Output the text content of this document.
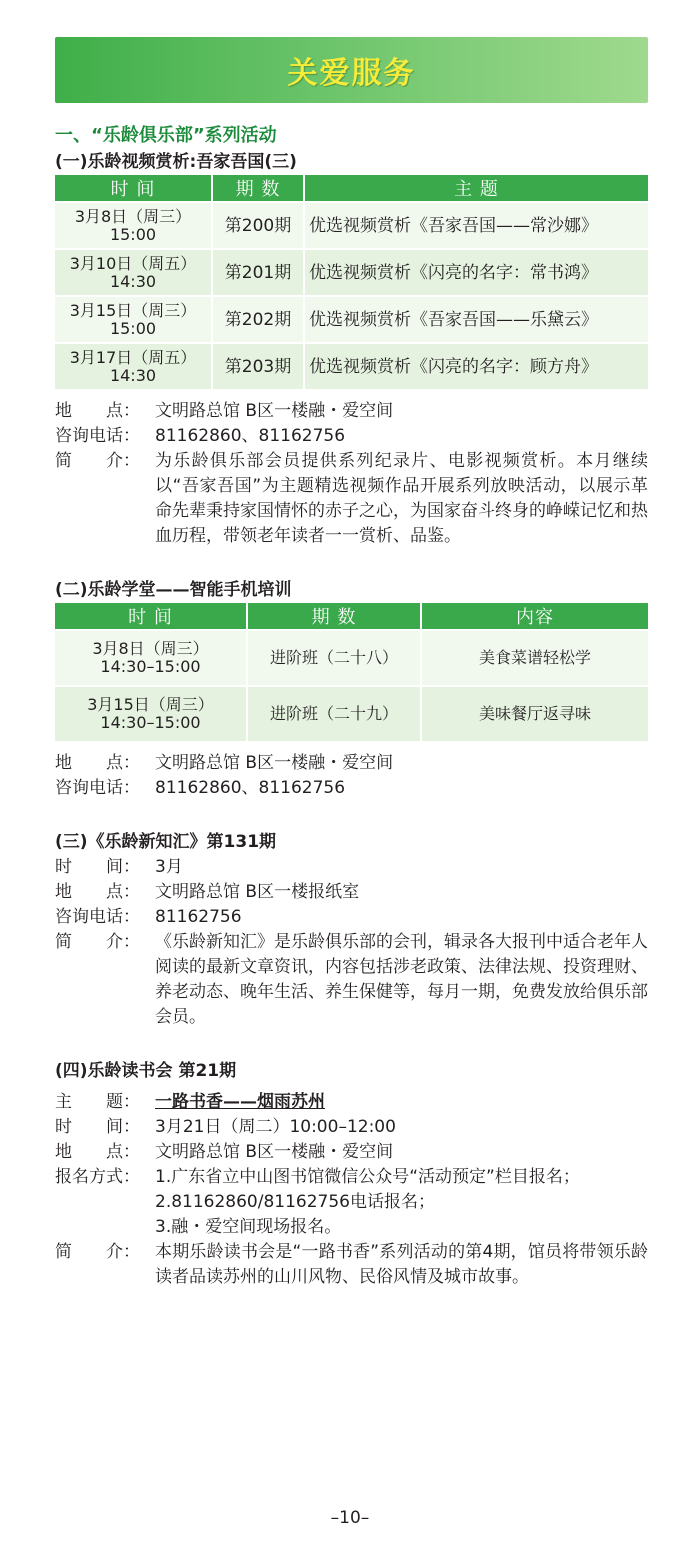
关爱服务
一、“乐龄俱乐部”系列活动
(一)乐龄视频赏析:吾家吾国(三)
时 间	期 数	主 题
3月8日（周三）
15:00	第200期	优选视频赏析《吾家吾国——常沙娜》
3月10日（周五）
14:30	第201期	优选视频赏析《闪亮的名字：常书鸿》
3月15日（周三）
15:00	第202期	优选视频赏析《吾家吾国——乐黛云》
3月17日（周五）
14:30	第203期	优选视频赏析《闪亮的名字：顾方舟》
地　　点： 文明路总馆 B区一楼融・爱空间
咨询电话： 81162860、81162756
简　　介： 为乐龄俱乐部会员提供系列纪录片、电影视频赏析。本月继续以“吾家吾国”为主题精选视频作品开展系列放映活动，以展示革命先辈秉持家国情怀的赤子之心，为国家奋斗终身的峥嵘记忆和热血历程，带领老年读者一一赏析、品鉴。
(二)乐龄学堂——智能手机培训
时 间	期 数	内容
3月8日（周三）
14:30–15:00	进阶班（二十八）	美食菜谱轻松学
3月15日（周三）
14:30–15:00	进阶班（二十九）	美味餐厅返寻味
地　　点： 文明路总馆 B区一楼融・爱空间
咨询电话： 81162860、81162756
(三)《乐龄新知汇》第131期
时　　间： 3月
地　　点： 文明路总馆 B区一楼报纸室
咨询电话： 81162756
简　　介： 《乐龄新知汇》是乐龄俱乐部的会刊，辑录各大报刊中适合老年人阅读的最新文章资讯，内容包括涉老政策、法律法规、投资理财、养老动态、晚年生活、养生保健等，每月一期，免费发放给俱乐部会员。
(四)乐龄读书会 第21期
主　　题： 一路书香——烟雨苏州
时　　间： 3月21日（周二）10:00–12:00
地　　点： 文明路总馆 B区一楼融・爱空间
报名方式： 1.广东省立中山图书馆微信公众号“活动预定”栏目报名；
2.81162860/81162756电话报名；
3.融・爱空间现场报名。
简　　介： 本期乐龄读书会是“一路书香”系列活动的第4期，馆员将带领乐龄读者品读苏州的山川风物、民俗风情及城市故事。
–10–
